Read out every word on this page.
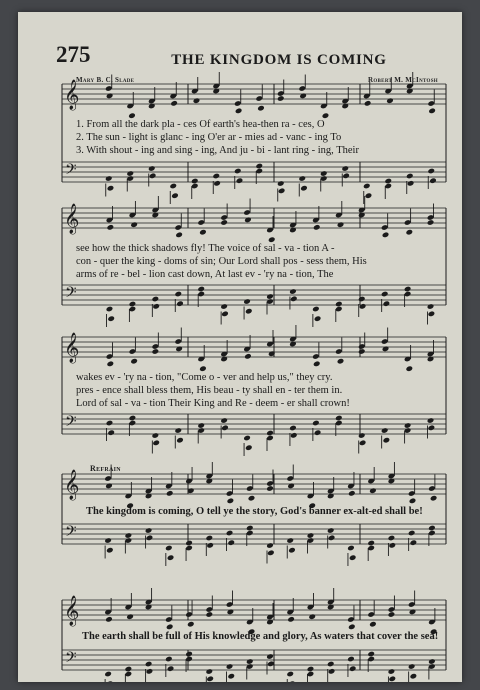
275	THE KINGDOM IS COMING
Mary B. C. Slade	Robert M. McIntosh
𝄞
𝄢
𝄞
𝄢
𝄞
𝄢
𝄞
𝄢
𝄞
𝄢
1. From all the dark pla - ces Of earth's hea-then ra - ces, O
2. The sun - light is glanc - ing O'er ar - mies ad - vanc - ing To
3. With shout - ing and sing - ing, And ju - bi - lant ring - ing, Their
see how the thick shadows fly! The voice of sal - va - tion A -
con - quer the king - doms of sin; Our Lord shall pos - sess them, His
arms of re - bel - lion cast down, At last ev - 'ry na - tion, The
wakes ev - 'ry na - tion, "Come o - ver and help us," they cry.
pres - ence shall bless them, His beau - ty shall en - ter them in.
Lord of sal - va - tion Their King and Re - deem - er shall crown!
Refrain
The kingdom is coming, O tell ye the story, God's banner ex-alt-ed shall be!
The earth shall be full of His knowledge and glory, As waters that cover the sea!
